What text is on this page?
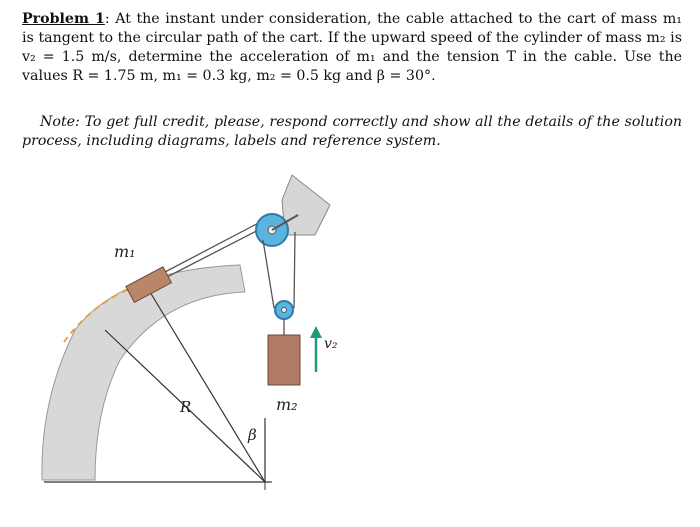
Problem 1: At the instant under consideration, the cable attached to the cart of mass m₁ is tangent to the circular path of the cart. If the upward speed of the cylinder of mass m₂ is v₂ = 1.5 m/s, determine the acceleration of m₁ and the tension T in the cable. Use the values R = 1.75 m, m₁ = 0.3 kg, m₂ = 0.5 kg and β = 30°.
Note: To get full credit, please, respond correctly and show all the details of the solution process, including diagrams, labels and reference system.
m₁
m₂
v₂
R
β
